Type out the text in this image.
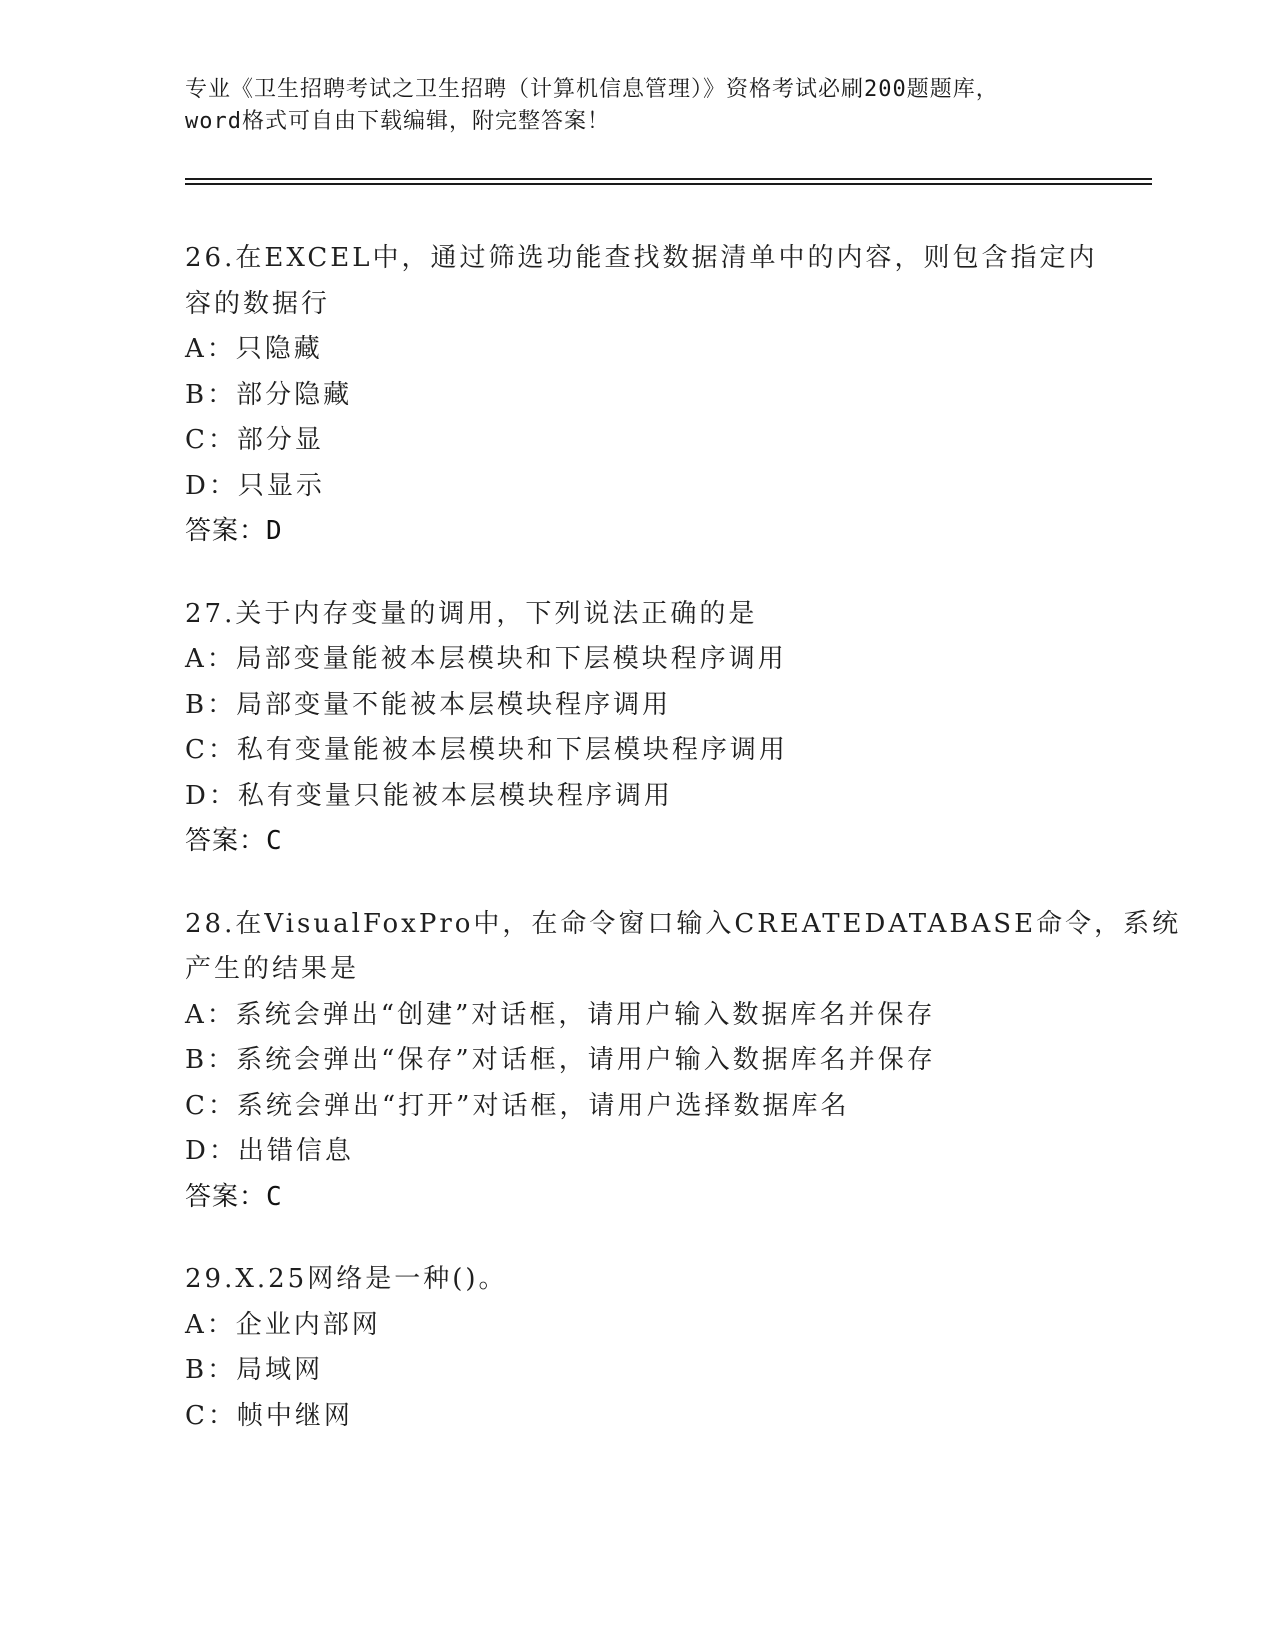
专业《卫生招聘考试之卫生招聘（计算机信息管理）》资格考试必刷200题题库，
word格式可自由下载编辑，附完整答案！
26.在EXCEL中，通过筛选功能查找数据清单中的内容，则包含指定内
容的数据行
A：只隐藏
B：部分隐藏
C：部分显
D：只显示
答案：D
27.关于内存变量的调用，下列说法正确的是
A：局部变量能被本层模块和下层模块程序调用
B：局部变量不能被本层模块程序调用
C：私有变量能被本层模块和下层模块程序调用
D：私有变量只能被本层模块程序调用
答案：C
28.在VisualFoxPro中，在命令窗口输入CREATEDATABASE命令，系统
产生的结果是
A：系统会弹出“创建”对话框，请用户输入数据库名并保存
B：系统会弹出“保存”对话框，请用户输入数据库名并保存
C：系统会弹出“打开”对话框，请用户选择数据库名
D：出错信息
答案：C
29.X.25网络是一种()。
A：企业内部网
B：局域网
C：帧中继网
